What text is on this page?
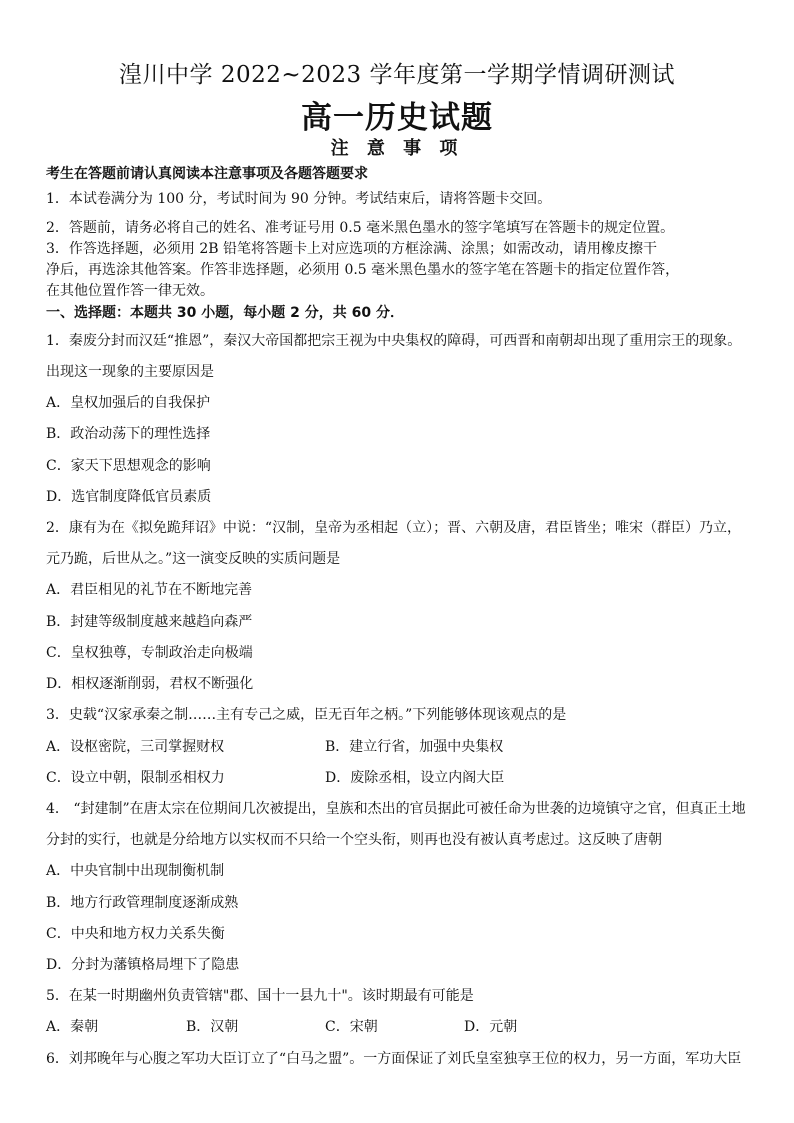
湟川中学 2022~2023 学年度第一学期学情调研测试
高一历史试题
注 意 事 项
考生在答题前请认真阅读本注意事项及各题答题要求
1．本试卷满分为 100 分，考试时间为 90 分钟。考试结束后，请将答题卡交回。
2．答题前，请务必将自己的姓名、准考证号用 0.5 毫米黑色墨水的签字笔填写在答题卡的规定位置。
3．作答选择题，必须用 2B 铅笔将答题卡上对应选项的方框涂满、涂黑；如需改动，请用橡皮擦干
净后，再选涂其他答案。作答非选择题，必须用 0.5 毫米黑色墨水的签字笔在答题卡的指定位置作答，
在其他位置作答一律无效。
一、选择题：本题共 30 小题，每小题 2 分，共 60 分．
1．秦废分封而汉廷“推恩”，秦汉大帝国都把宗王视为中央集权的障碍，可西晋和南朝却出现了重用宗王的现象。
出现这一现象的主要原因是
A．皇权加强后的自我保护
B．政治动荡下的理性选择
C．家天下思想观念的影响
D．选官制度降低官员素质
2．康有为在《拟免跪拜诏》中说：“汉制，皇帝为丞相起（立）；晋、六朝及唐，君臣皆坐；唯宋（群臣）乃立，
元乃跪，后世从之。”这一演变反映的实质问题是
A．君臣相见的礼节在不断地完善
B．封建等级制度越来越趋向森严
C．皇权独尊，专制政治走向极端
D．相权逐渐削弱，君权不断强化
3．史载“汉家承秦之制……主有专己之威，臣无百年之柄。”下列能够体现该观点的是
A．设枢密院，三司掌握财权	B．建立行省，加强中央集权
C．设立中朝，限制丞相权力	D．废除丞相，设立内阁大臣
4． “封建制”在唐太宗在位期间几次被提出，皇族和杰出的官员据此可被任命为世袭的边境镇守之官，但真正土地
分封的实行，也就是分给地方以实权而不只给一个空头衔，则再也没有被认真考虑过。这反映了唐朝
A．中央官制中出现制衡机制
B．地方行政管理制度逐渐成熟
C．中央和地方权力关系失衡
D．分封为藩镇格局埋下了隐患
5．在某一时期幽州负责管辖"郡、国十一县九十"。该时期最有可能是
A．秦朝	B．汉朝	C．宋朝	D．元朝
6．刘邦晚年与心腹之军功大臣订立了“白马之盟”。一方面保证了刘氏皇室独享王位的权力，另一方面，军功大臣
